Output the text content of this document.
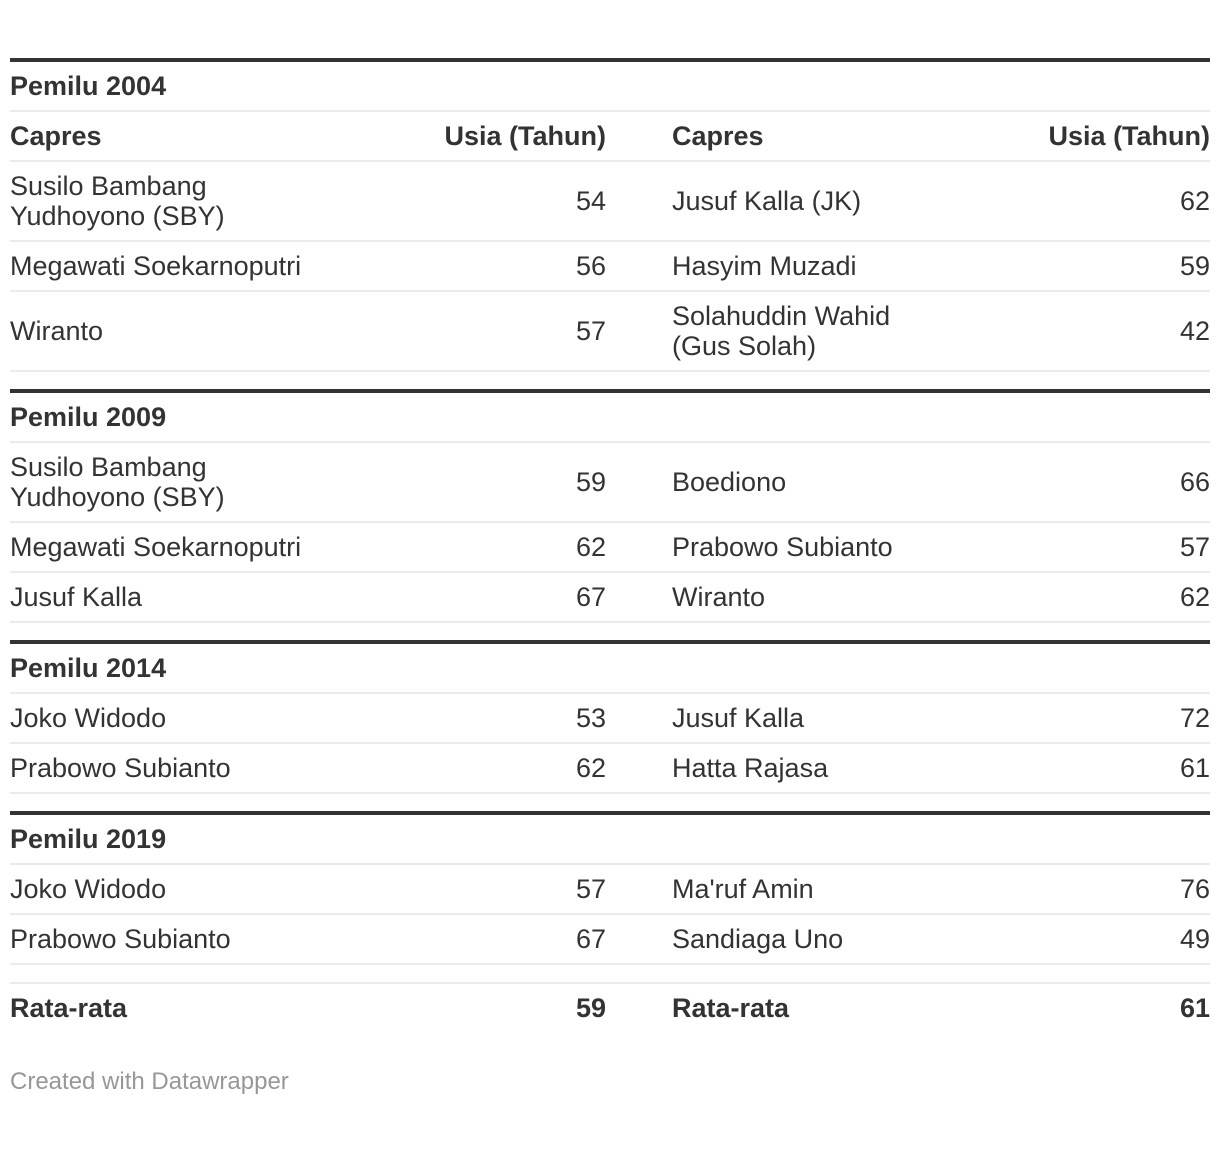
Pemilu 2004			
Capres	Usia (Tahun)	Capres	Usia (Tahun)
Susilo Bambang Yudhoyono (SBY)	54	Jusuf Kalla (JK)	62
Megawati Soekarnoputri	56	Hasyim Muzadi	59
Wiranto	57	Solahuddin Wahid (Gus Solah)	42

Pemilu 2009			
Susilo Bambang Yudhoyono (SBY)	59	Boediono	66
Megawati Soekarnoputri	62	Prabowo Subianto	57
Jusuf Kalla	67	Wiranto	62

Pemilu 2014			
Joko Widodo	53	Jusuf Kalla	72
Prabowo Subianto	62	Hatta Rajasa	61

Pemilu 2019			
Joko Widodo	57	Ma'ruf Amin	76
Prabowo Subianto	67	Sandiaga Uno	49

Rata-rata	59	Rata-rata	61
Created with Datawrapper
